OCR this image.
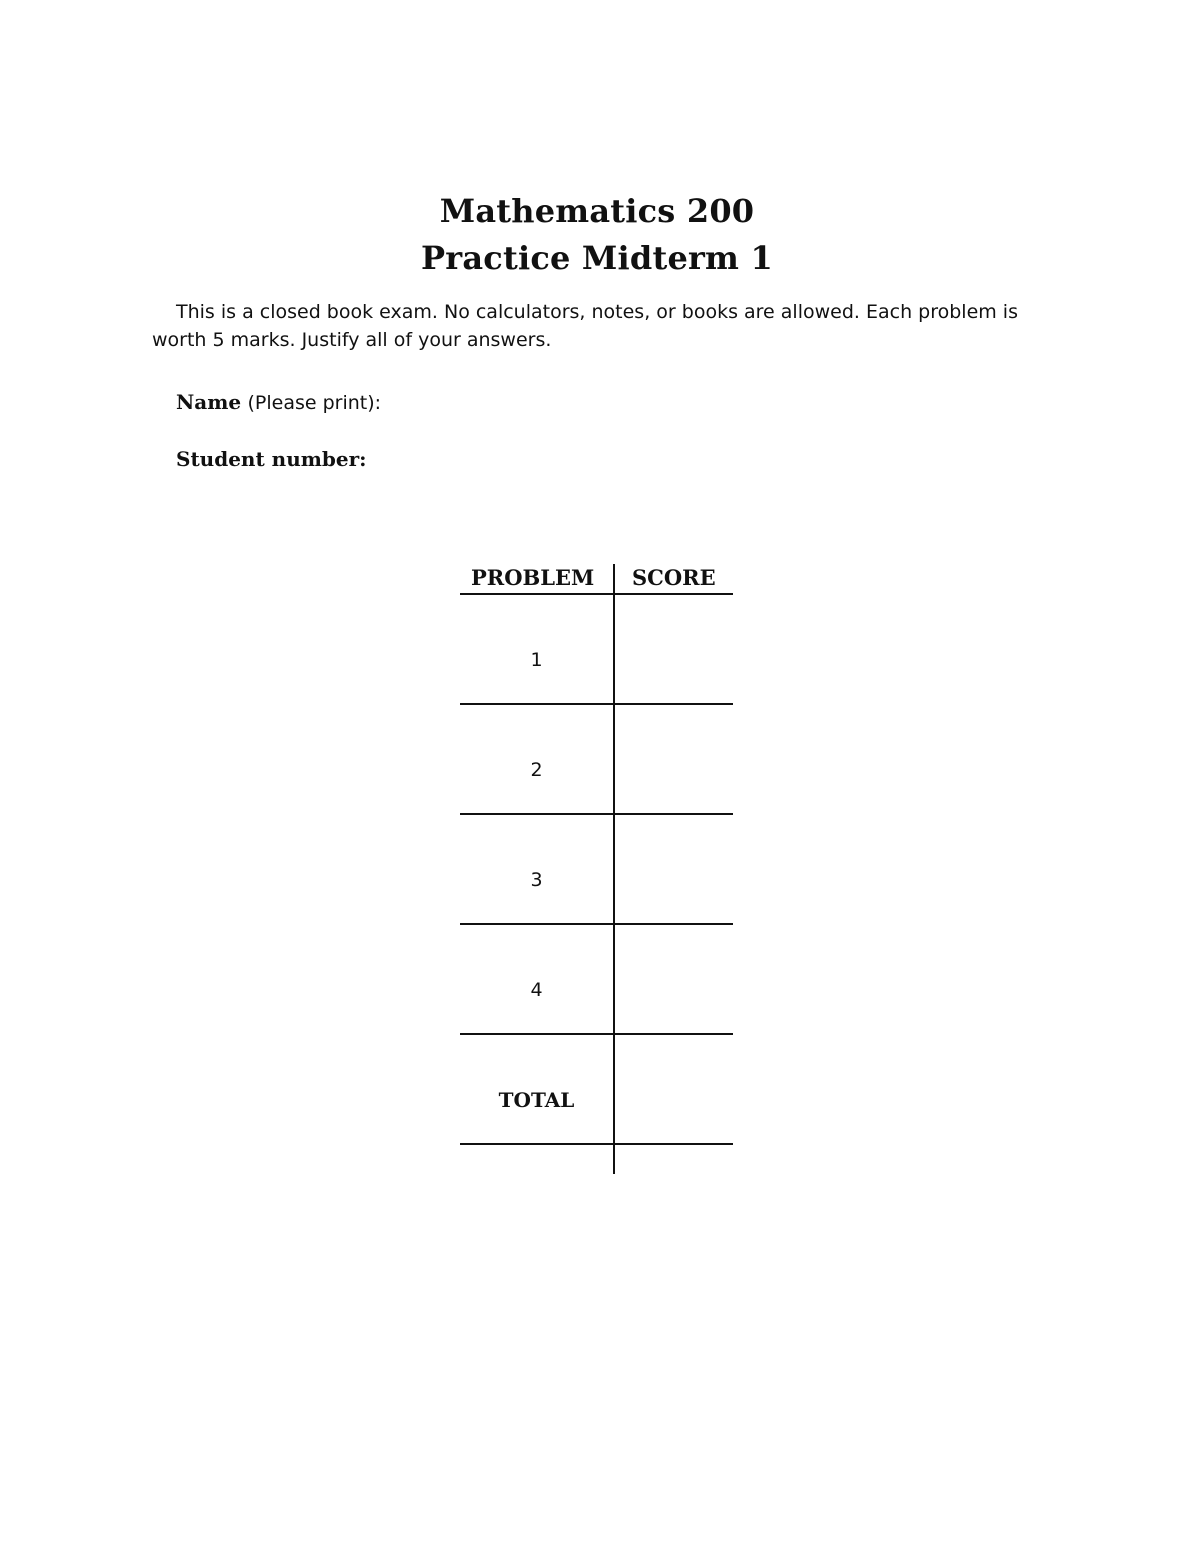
Mathematics 200
Practice Midterm 1

This is a closed book exam. No calculators, notes, or books are allowed. Each problem is worth 5 marks. Justify all of your answers.

Name (Please print):
Student number:
PROBLEM SCORE
1
2
3
4
TOTAL
